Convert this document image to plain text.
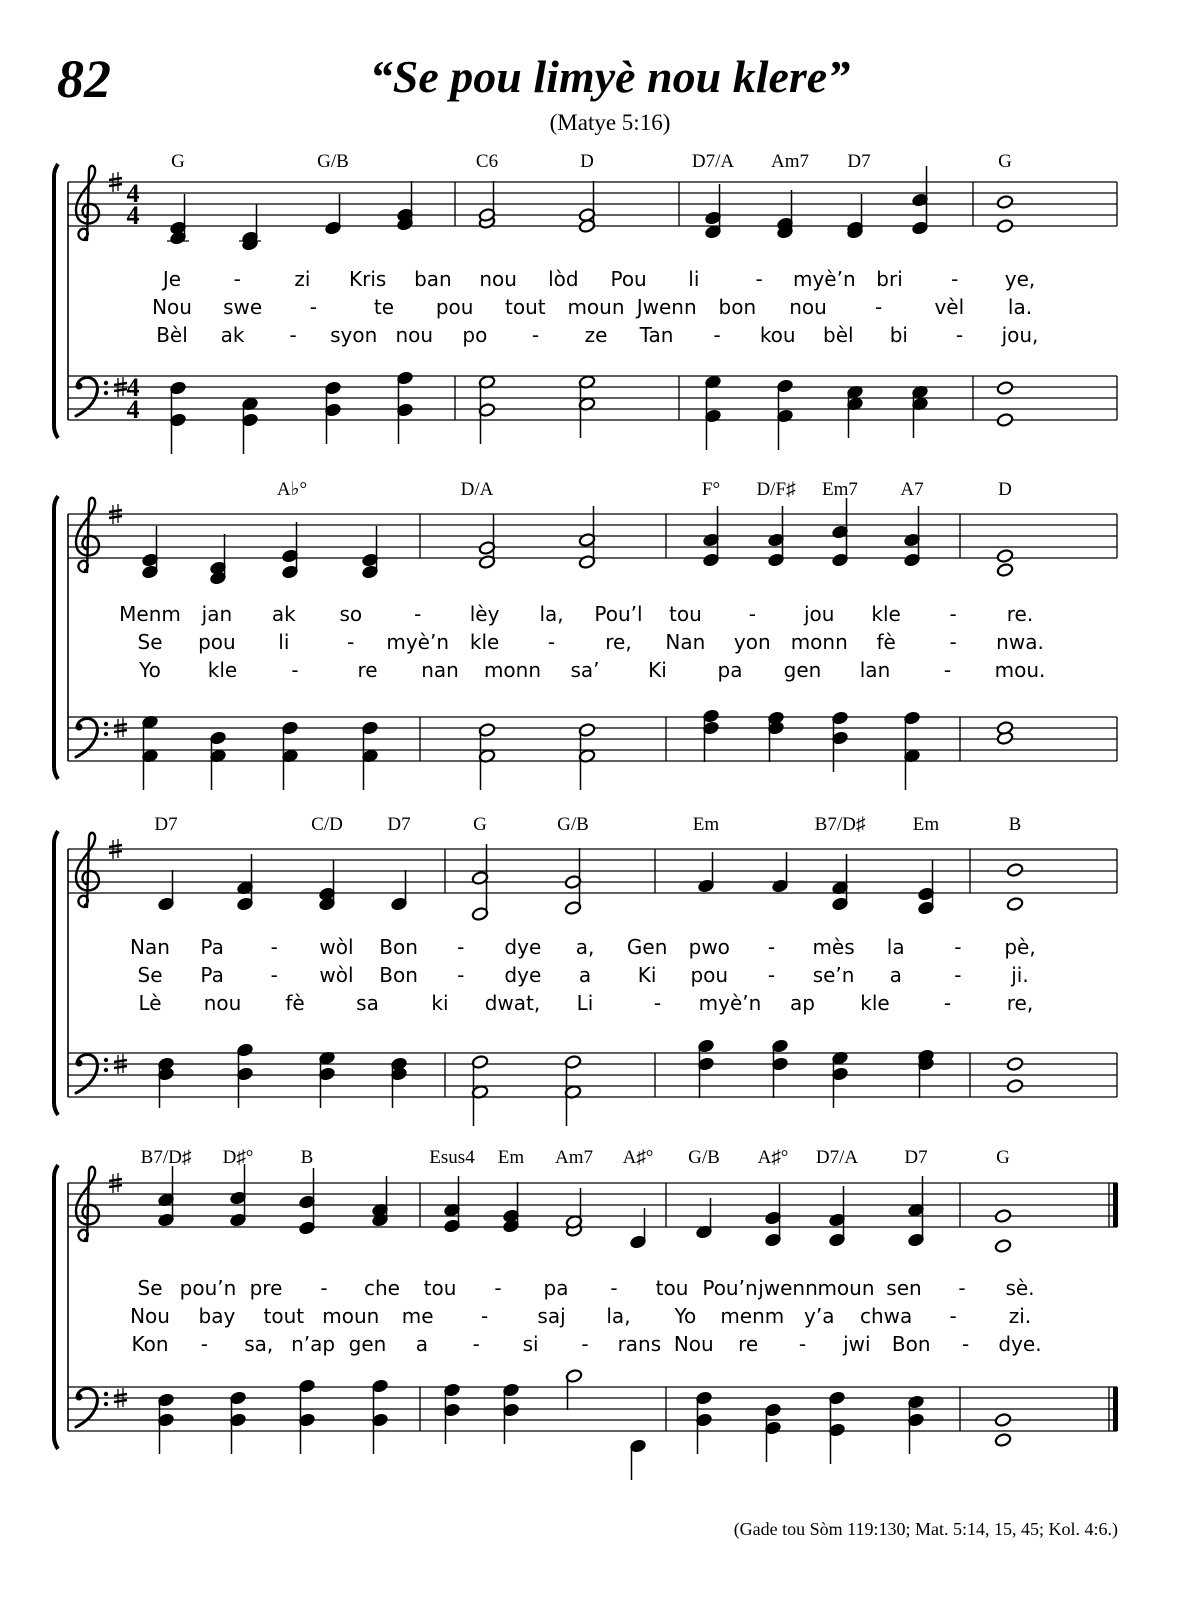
82	“Se pou limyè nou klere”
(Matye 5:16)
4
4
4
4
G	G/B	C6	D	D7/A Am7 D7	G
Je	-	zi Kris ban nou lòd Pou li	- myè’n bri - ye,
Nou swe -	te pou tout moun Jwenn bon nou -	vèl la.
Bèl ak - syon nou po - ze Tan - kou bèl bi - jou,
A♭°	D/A	F° D/F♯ Em7 A7	D
Menm jan ak so	- lèy la, Pou’l tou - jou kle -	re.
Se pou li	- myè’n kle -	re, Nan yon monn fè	- nwa.
Yo kle	-	re nan monn sa’ Ki	pa gen lan	- mou.
D7	C/D D7	G	G/B	Em	B7/D♯ Em	B
Nan Pa - wòl Bon - dye a, Gen pwo - mès la - pè,
Se Pa - wòl Bon - dye a Ki pou - se’n a	- ji.
Lè nou fè	sa	ki dwat, Li	- myè’n ap kle	-	re,
B7/D♯ D♯° B	Esus4 Em Am7 A♯° G/B A♯° D7/A D7	G
Se pou’n pre - che tou - pa - tou Pou’n jwenn moun sen - sè.
Nou bay tout moun me - saj la, Yo menm y’a chwa -	zi.
Kon - sa, n’ap gen a - si - rans Nou re - jwi Bon - dye.
(Gade tou Sòm 119:130; Mat. 5:14, 15, 45; Kol. 4:6.)
